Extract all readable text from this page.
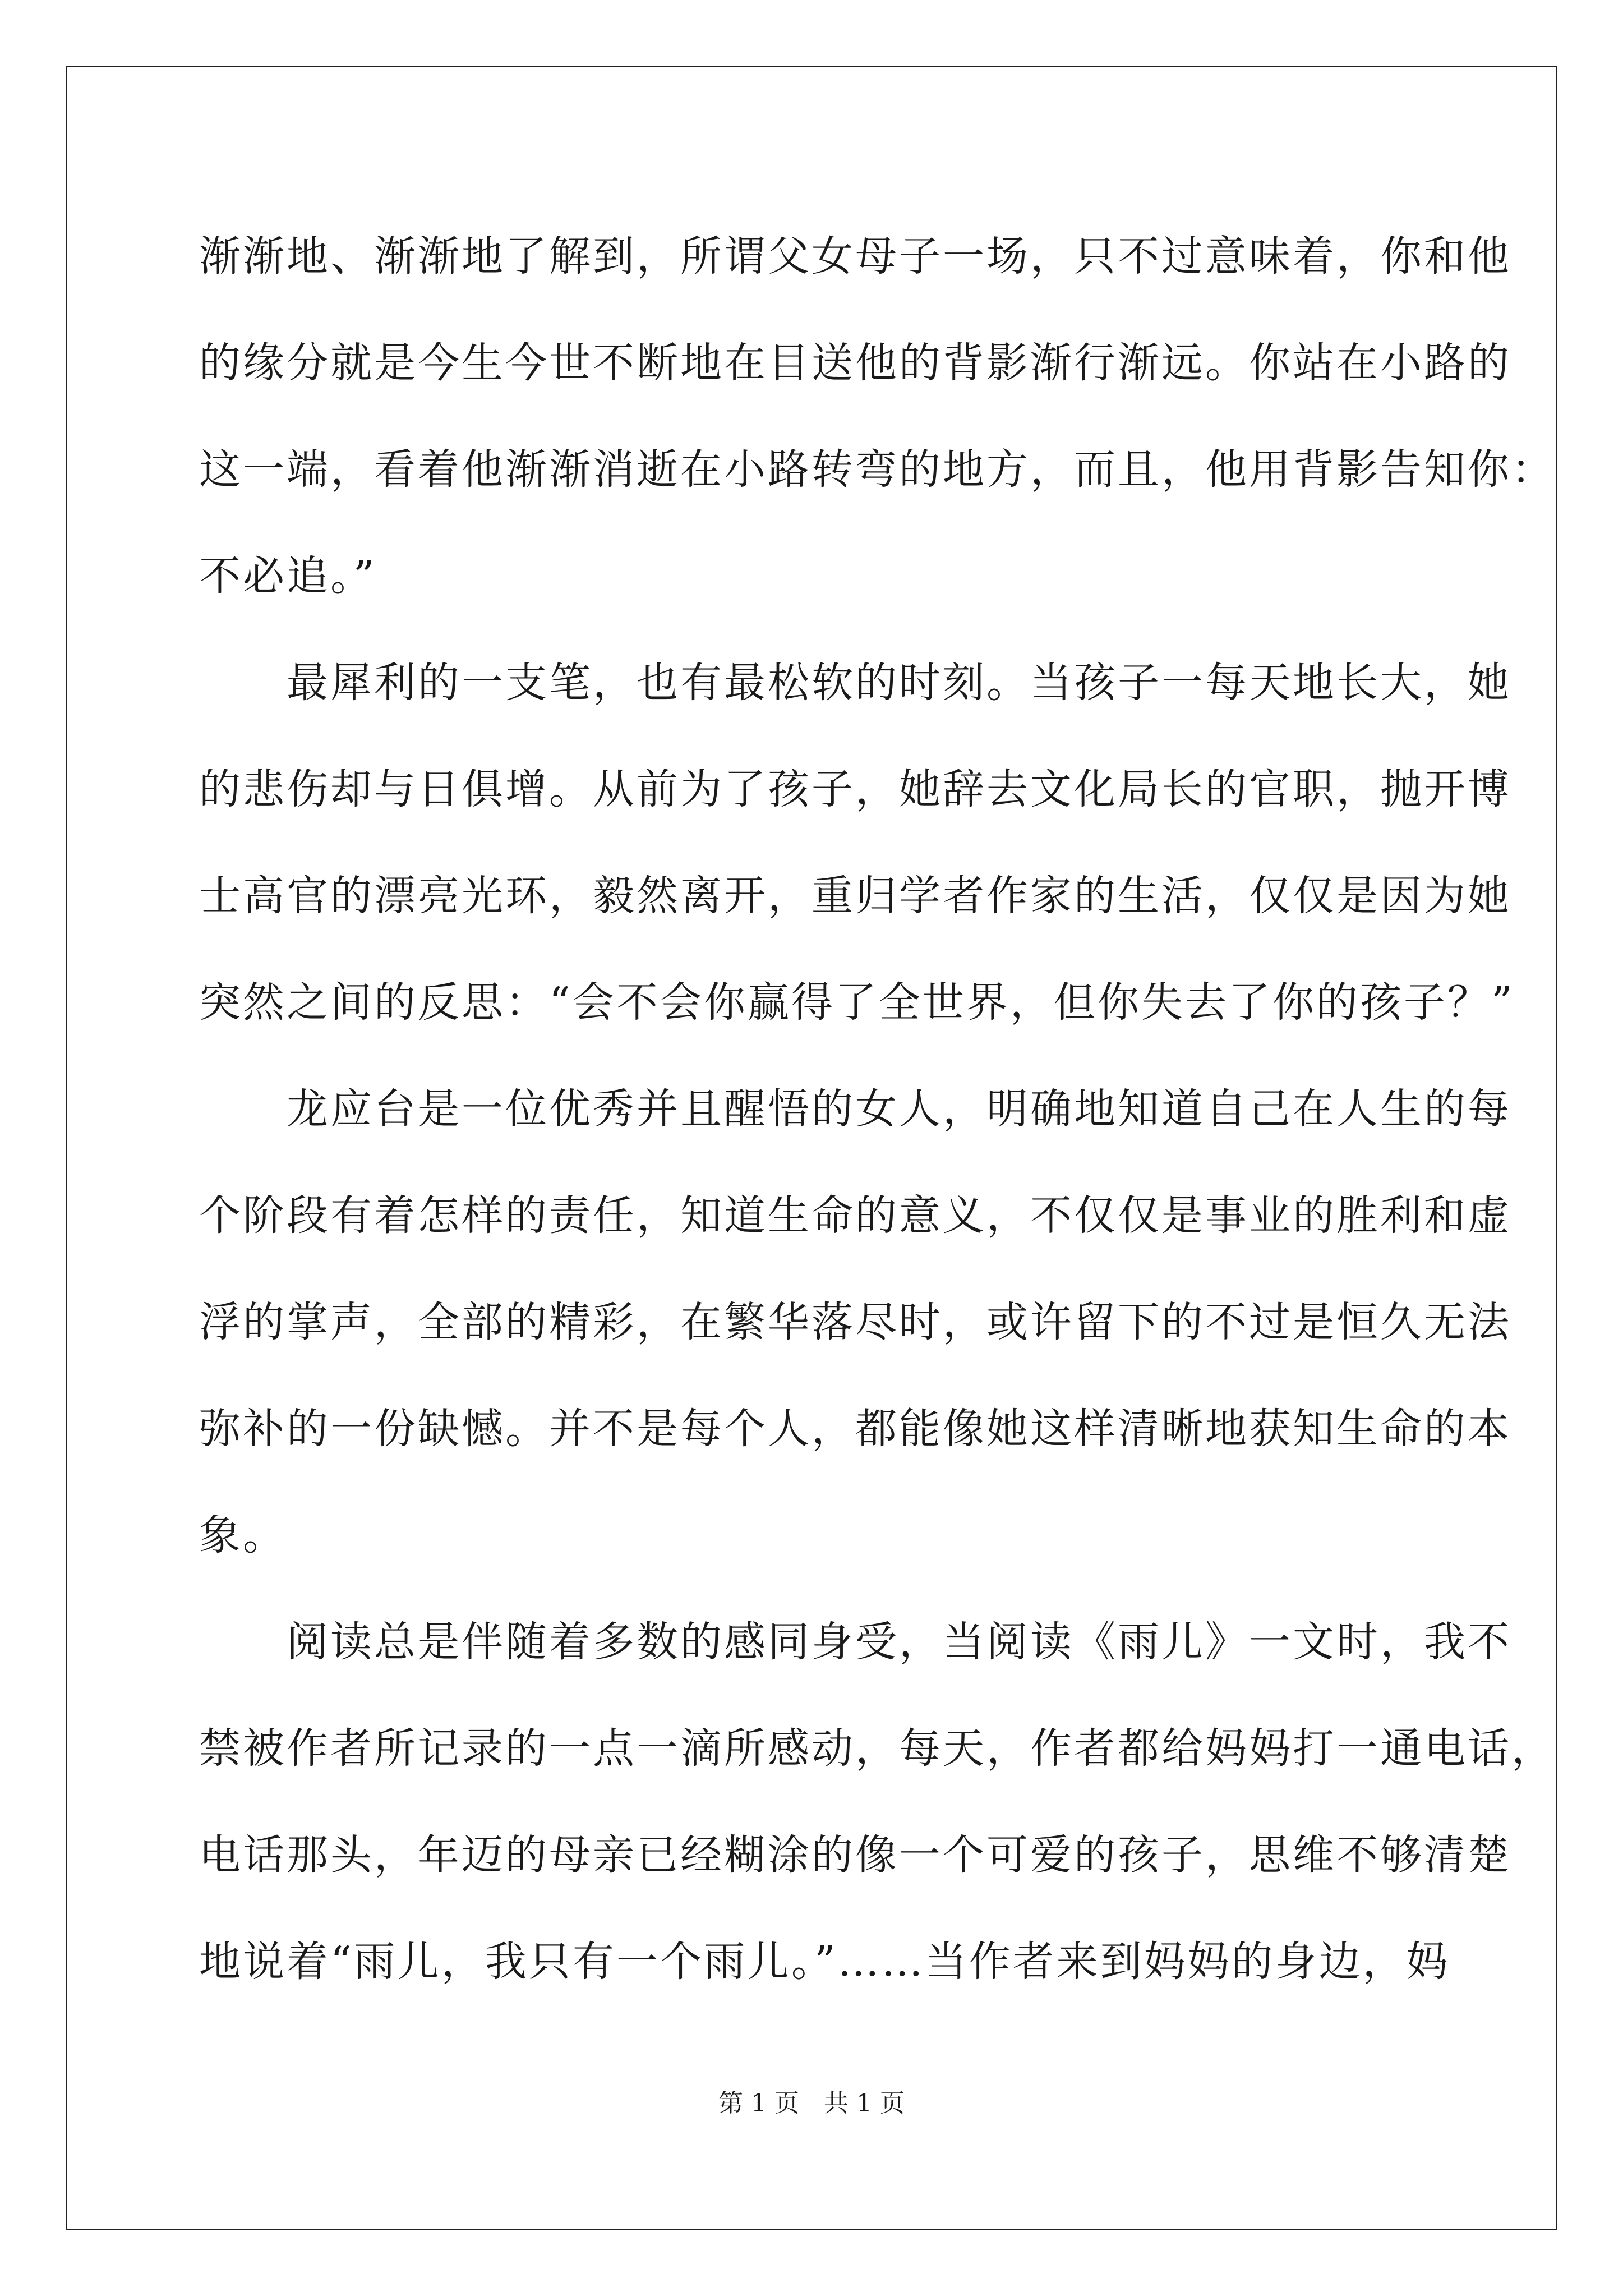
渐渐地、渐渐地了解到，所谓父女母子一场，只不过意味着，你和他
的缘分就是今生今世不断地在目送他的背影渐行渐远。你站在小路的
这一端，看着他渐渐消逝在小路转弯的地方，而且，他用背影告知你：
不必追。”
　　最犀利的一支笔，也有最松软的时刻。当孩子一每天地长大，她
的悲伤却与日俱增。从前为了孩子，她辞去文化局长的官职，抛开博
士高官的漂亮光环，毅然离开，重归学者作家的生活，仅仅是因为她
突然之间的反思：“会不会你赢得了全世界，但你失去了你的孩子？”
　　龙应台是一位优秀并且醒悟的女人，明确地知道自己在人生的每
个阶段有着怎样的责任，知道生命的意义，不仅仅是事业的胜利和虚
浮的掌声，全部的精彩，在繁华落尽时，或许留下的不过是恒久无法
弥补的一份缺憾。并不是每个人，都能像她这样清晰地获知生命的本
象。
　　阅读总是伴随着多数的感同身受，当阅读《雨儿》一文时，我不
禁被作者所记录的一点一滴所感动，每天，作者都给妈妈打一通电话，
电话那头，年迈的母亲已经糊涂的像一个可爱的孩子，思维不够清楚
地说着“雨儿，我只有一个雨儿。”……当作者来到妈妈的身边，妈
第 1 页　共 1 页
